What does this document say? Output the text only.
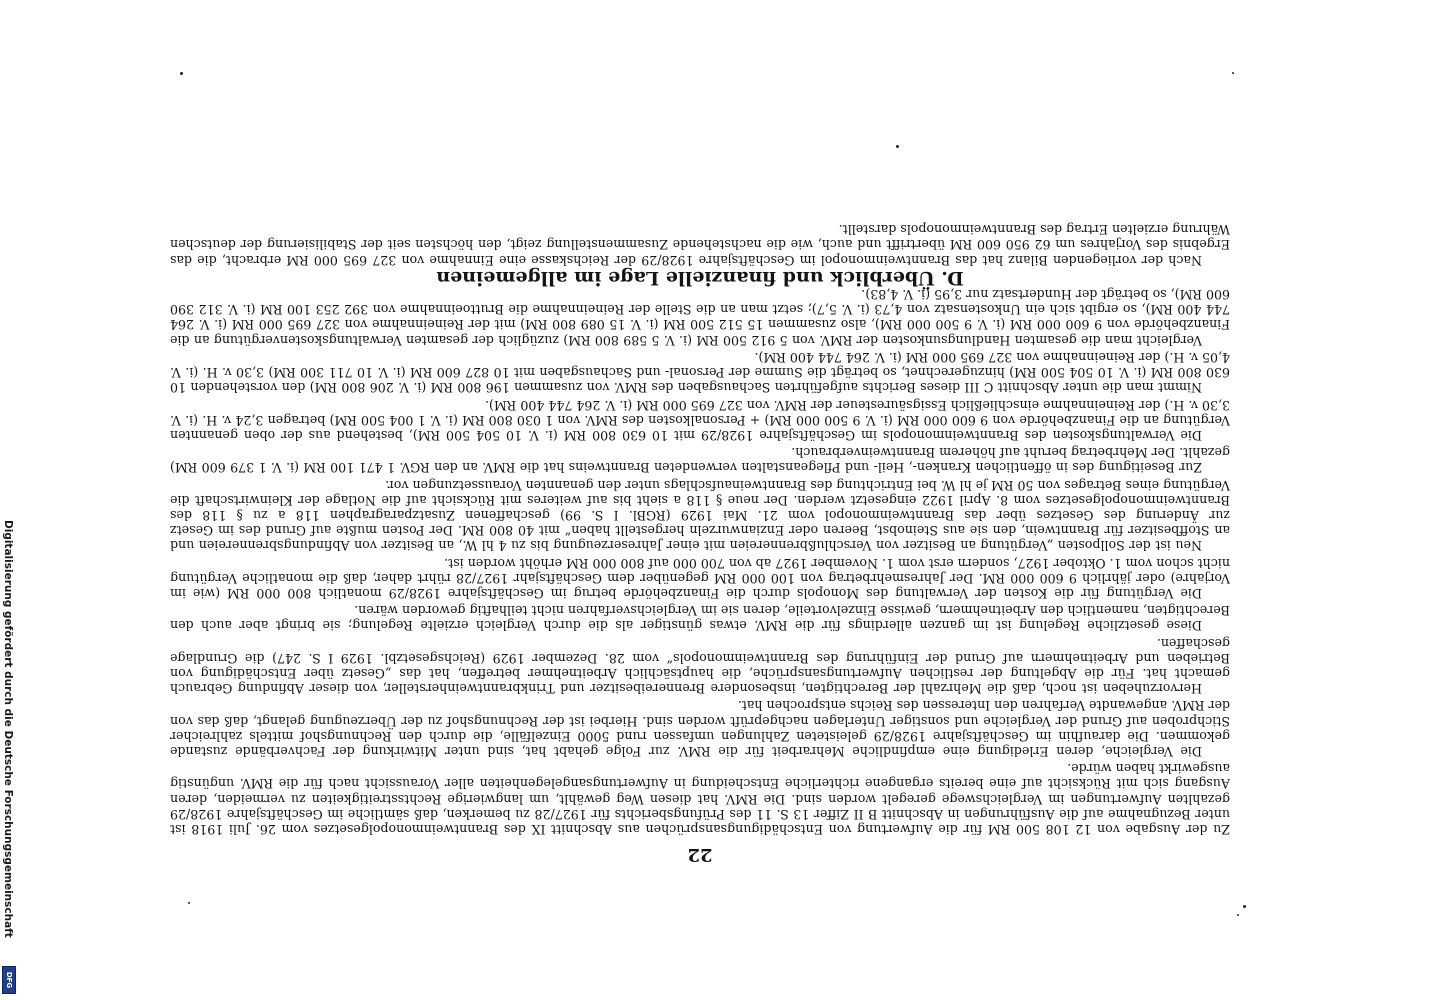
22

Zu der Ausgabe von 12 108 500 RM für die Aufwertung von Entschädigungsansprüchen aus Abschnitt IX des Branntweinmonopolgesetzes vom 26. Juli 1918 ist unter Bezugnahme auf die Ausführungen in Abschnitt B II Ziffer 13 S. 11 des Prüfungsberichts für 1927/28 zu bemerken, daß sämtliche im Geschäftsjahre 1928/29 gezahlten Aufwertungen im Vergleichswege geregelt worden sind. Die RMV. hat diesen Weg gewählt, um langwierige Rechtsstreitigkeiten zu vermeiden, deren Ausgang sich mit Rücksicht auf eine bereits ergangene richterliche Entscheidung in Aufwertungsangelegenheiten aller Voraussicht nach für die RMV. ungünstig ausgewirkt haben würde.

Die Vergleiche, deren Erledigung eine empfindliche Mehrarbeit für die RMV. zur Folge gehabt hat, sind unter Mitwirkung der Fachverbände zustande gekommen. Die daraufhin im Geschäftsjahre 1928/29 geleisteten Zahlungen umfassen rund 5000 Einzelfälle, die durch den Rechnungshof mittels zahlreicher Stichproben auf Grund der Vergleiche und sonstiger Unterlagen nachgeprüft worden sind. Hierbei ist der Rechnungshof zu der Überzeugung gelangt, daß das von der RMV. angewandte Verfahren den Interessen des Reichs entsprochen hat.

Hervorzuheben ist noch, daß die Mehrzahl der Berechtigten, insbesondere Brennereibesitzer und Trinkbranntweinhersteller, von dieser Abfindung Gebrauch gemacht hat. Für die Abgeltung der restlichen Aufwertungsansprüche, die hauptsächlich Arbeitnehmer betreffen, hat das „Gesetz über Entschädigung von Betrieben und Arbeitnehmern auf Grund der Einführung des Branntweinmonopols“ vom 28. Dezember 1929 (Reichsgesetzbl. 1929 I S. 247) die Grundlage geschaffen.

Diese gesetzliche Regelung ist im ganzen allerdings für die RMV. etwas günstiger als die durch Vergleich erzielte Regelung; sie bringt aber auch den Berechtigten, namentlich den Arbeitnehmern, gewisse Einzelvorteile, deren sie im Vergleichsverfahren nicht teilhaftig geworden wären.

Die Vergütung für die Kosten der Verwaltung des Monopols durch die Finanzbehörde betrug im Geschäftsjahre 1928/29 monatlich 800 000 RM (wie im Vorjahre) oder jährlich 9 600 000 RM. Der Jahresmehrbetrag von 100 000 RM gegenüber dem Geschäftsjahr 1927/28 rührt daher, daß die monatliche Vergütung nicht schon vom 1. Oktober 1927, sondern erst vom 1. November 1927 ab von 700 000 auf 800 000 RM erhöht worden ist.

Neu ist der Sollposten „Vergütung an Besitzer von Verschlußbrennereien mit einer Jahreserzeugung bis zu 4 hl W., an Besitzer von Abfindungsbrennereien und an Stoffbesitzer für Branntwein, den sie aus Steinobst, Beeren oder Enzianwurzeln hergestellt haben“ mit 40 800 RM. Der Posten mußte auf Grund des im Gesetz zur Änderung des Gesetzes über das Branntweinmonopol vom 21. Mai 1929 (RGBl. I S. 99) geschaffenen Zusatzparagraphen 118 a zu § 118 des Branntweinmonopolgesetzes vom 8. April 1922 eingesetzt werden. Der neue § 118 a sieht bis auf weiteres mit Rücksicht auf die Notlage der Kleinwirtschaft die Vergütung eines Betrages von 50 RM je hl W. bei Entrichtung des Branntweinaufschlags unter den genannten Voraussetzungen vor.

Zur Beseitigung des in öffentlichen Kranken-, Heil- und Pflegeanstalten verwendeten Branntweins hat die RMV. an den RGV. 1 471 100 RM (i. V. 1 379 600 RM) gezahlt. Der Mehrbetrag beruht auf höherem Branntweinverbrauch.

Die Verwaltungskosten des Branntweinmonopols im Geschäftsjahre 1928/29 mit 10 630 800 RM (i. V. 10 504 500 RM), bestehend aus der oben genannten Vergütung an die Finanzbehörde von 9 600 000 RM (i. V. 9 500 000 RM) + Personalkosten des RMV. von 1 030 800 RM (i. V. 1 004 500 RM) betragen 3,24 v. H. (i. V. 3,30 v. H.) der Reineinnahme einschließlich Essigsäuresteuer der RMV. von 327 695 000 RM (i. V. 264 744 400 RM).

Nimmt man die unter Abschnitt C III dieses Berichts aufgeführten Sachausgaben des RMV. von zusammen 196 800 RM (i. V. 206 800 RM) den vorstehenden 10 630 800 RM (i. V. 10 504 500 RM) hinzugerechnet, so beträgt die Summe der Personal- und Sachausgaben mit 10 827 600 RM (i. V. 10 711 300 RM) 3,30 v. H. (i. V. 4,05 v. H.) der Reineinnahme von 327 695 000 RM (i. V. 264 744 400 RM).

Vergleicht man die gesamten Handlungsunkosten der RMV. von 5 912 500 RM (i. V. 5 589 800 RM) zuzüglich der gesamten Verwaltungskostenvergütung an die Finanzbehörde von 9 600 000 RM (i. V. 9 500 000 RM), also zusammen 15 512 500 RM (i. V. 15 089 800 RM) mit der Reineinnahme von 327 695 000 RM (i. V. 264 744 400 RM), so ergibt sich ein Unkostensatz von 4,73 (i. V. 5,7); setzt man an die Stelle der Reineinnahme die Bruttoeinnahme von 392 253 100 RM (i. V. 312 390 600 RM), so beträgt der Hundertsatz nur 3,95 (i. V. 4,83).

D. Überblick und finanzielle Lage im allgemeinen

Nach der vorliegenden Bilanz hat das Branntweinmonopol im Geschäftsjahre 1928/29 der Reichskasse eine Einnahme von 327 695 000 RM erbracht, die das Ergebnis des Vorjahres um 62 950 600 RM übertrifft und auch, wie die nachstehende Zusammenstellung zeigt, den höchsten seit der Stabilisierung der deutschen Währung erzielten Ertrag des Branntweinmonopols darstellt.

Digitalisierung gefördert durch die Deutsche Forschungsgemeinschaft
DFG
